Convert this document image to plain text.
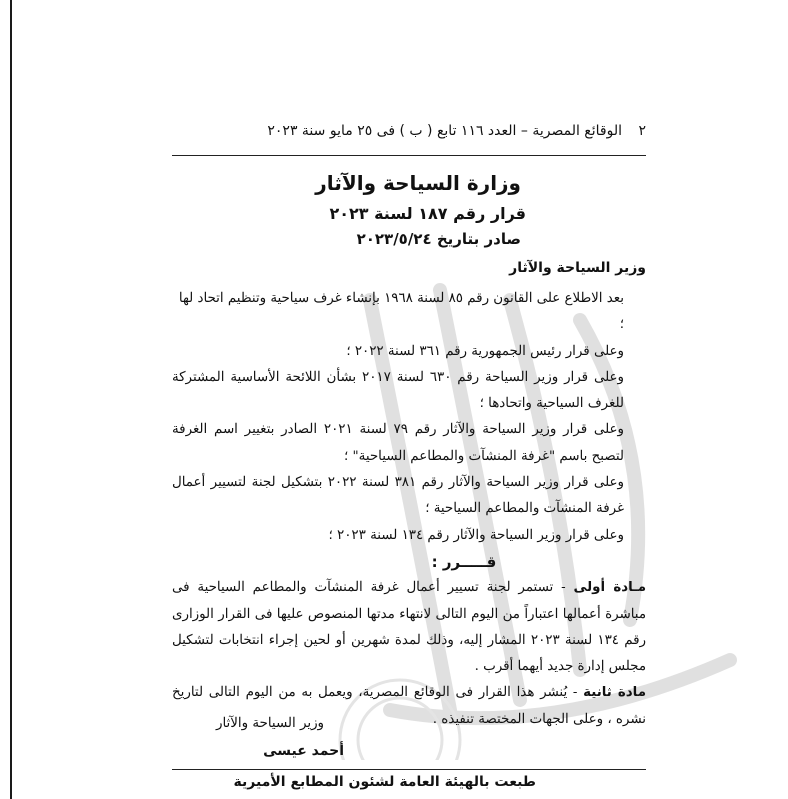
٢
الوقائع المصرية – العدد ١١٦ تابع ( ب ) فى ٢٥ مايو سنة ٢٠٢٣
وزارة السياحة والآثار
قرار رقم ١٨٧ لسنة ٢٠٢٣
صادر بتاريخ ٢٠٢٣/٥/٢٤
وزير السياحة والآثار

بعد الاطلاع على القانون رقم ٨٥ لسنة ١٩٦٨ بإنشاء غرف سياحية وتنظيم اتحاد لها ؛

وعلى قرار رئيس الجمهورية رقم ٣٦١ لسنة ٢٠٢٢ ؛

وعلى قرار وزير السياحة رقم ٦٣٠ لسنة ٢٠١٧ بشأن اللائحة الأساسية المشتركة للغرف السياحية واتحادها ؛

وعلى قرار وزير السياحة والآثار رقم ٧٩ لسنة ٢٠٢١ الصادر بتغيير اسم الغرفة لتصبح باسم "غرفة المنشآت والمطاعم السياحية" ؛

وعلى قرار وزير السياحة والآثار رقم ٣٨١ لسنة ٢٠٢٢ بتشكيل لجنة لتسيير أعمال غرفة المنشآت والمطاعم السياحية ؛

وعلى قرار وزير السياحة والآثار رقم ١٣٤ لسنة ٢٠٢٣ ؛

قـــــرر :

مـادة أولى - تستمر لجنة تسيير أعمال غرفة المنشآت والمطاعم السياحية فى مباشرة أعمالها اعتباراً من اليوم التالى لانتهاء مدتها المنصوص عليها فى القرار الوزارى رقم ١٣٤ لسنة ٢٠٢٣ المشار إليه، وذلك لمدة شهرين أو لحين إجراء انتخابات لتشكيل مجلس إدارة جديد أيهما أقرب .

مادة ثانية - يُنشر هذا القرار فى الوقائع المصرية، ويعمل به من اليوم التالى لتاريخ نشره ، وعلى الجهات المختصة تنفيذه .

وزير السياحة والآثار
أحمد عيسى
طبعت بالهيئة العامة لشئون المطابع الأميرية
